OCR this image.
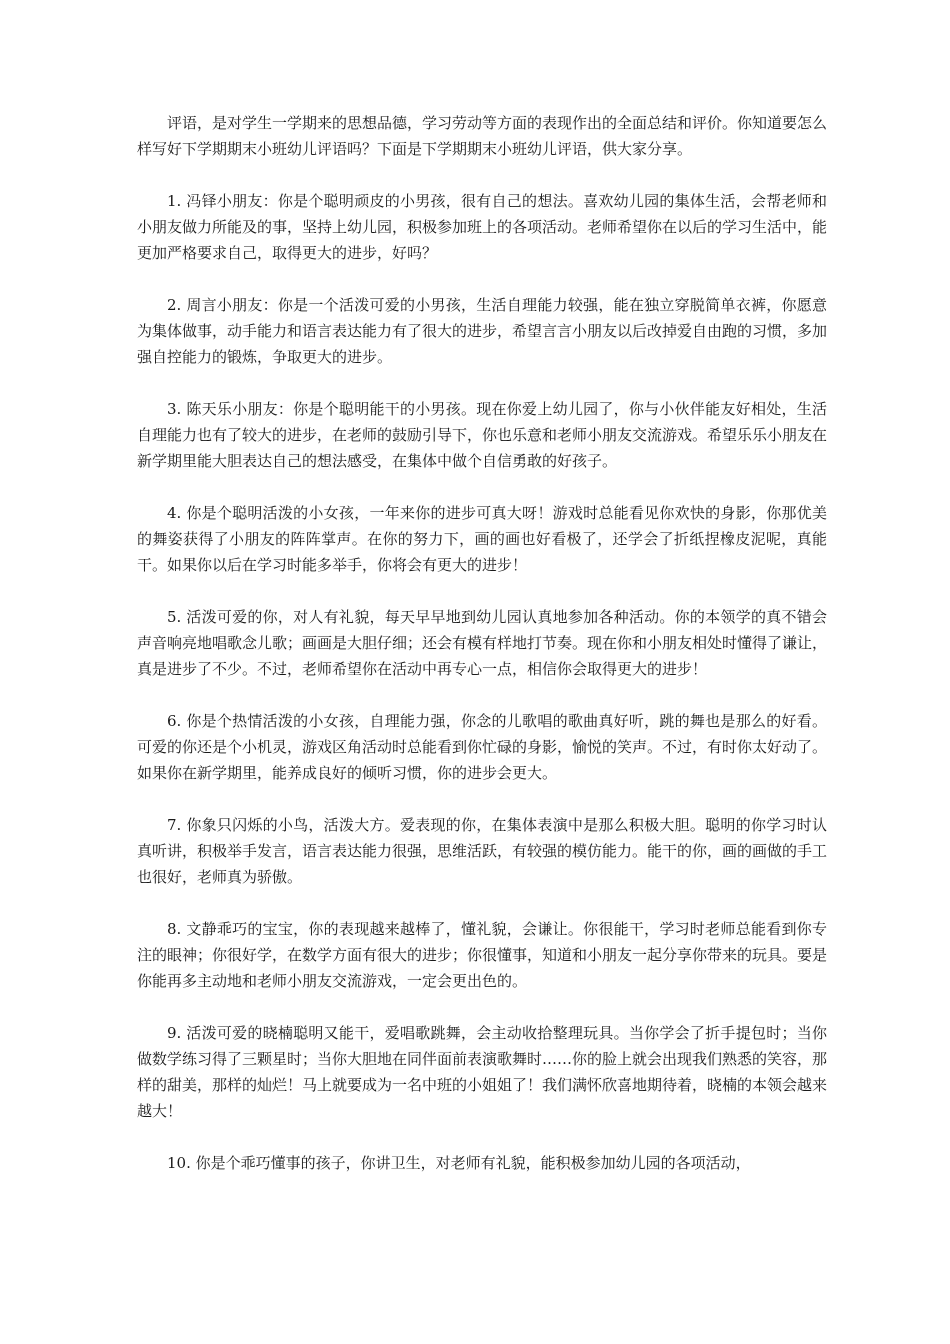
评语，是对学生一学期来的思想品德，学习劳动等方面的表现作出的全面总结和评价。你知道要怎么样写好下学期期末小班幼儿评语吗？下面是下学期期末小班幼儿评语，供大家分享。

1. 冯铎小朋友：你是个聪明顽皮的小男孩，很有自己的想法。喜欢幼儿园的集体生活，会帮老师和小朋友做力所能及的事，坚持上幼儿园，积极参加班上的各项活动。老师希望你在以后的学习生活中，能更加严格要求自己，取得更大的进步，好吗？

2. 周言小朋友：你是一个活泼可爱的小男孩，生活自理能力较强，能在独立穿脱简单衣裤，你愿意为集体做事，动手能力和语言表达能力有了很大的进步，希望言言小朋友以后改掉爱自由跑的习惯，多加强自控能力的锻炼，争取更大的进步。

3. 陈天乐小朋友：你是个聪明能干的小男孩。现在你爱上幼儿园了，你与小伙伴能友好相处，生活自理能力也有了较大的进步，在老师的鼓励引导下，你也乐意和老师小朋友交流游戏。希望乐乐小朋友在新学期里能大胆表达自己的想法感受，在集体中做个自信勇敢的好孩子。

4. 你是个聪明活泼的小女孩，一年来你的进步可真大呀！游戏时总能看见你欢快的身影，你那优美的舞姿获得了小朋友的阵阵掌声。在你的努力下，画的画也好看极了，还学会了折纸捏橡皮泥呢，真能干。如果你以后在学习时能多举手，你将会有更大的进步！

5. 活泼可爱的你，对人有礼貌，每天早早地到幼儿园认真地参加各种活动。你的本领学的真不错会声音响亮地唱歌念儿歌；画画是大胆仔细；还会有模有样地打节奏。现在你和小朋友相处时懂得了谦让，真是进步了不少。不过，老师希望你在活动中再专心一点，相信你会取得更大的进步！

6. 你是个热情活泼的小女孩，自理能力强，你念的儿歌唱的歌曲真好听，跳的舞也是那么的好看。可爱的你还是个小机灵，游戏区角活动时总能看到你忙碌的身影，愉悦的笑声。不过，有时你太好动了。如果你在新学期里，能养成良好的倾听习惯，你的进步会更大。

7. 你象只闪烁的小鸟，活泼大方。爱表现的你，在集体表演中是那么积极大胆。聪明的你学习时认真听讲，积极举手发言，语言表达能力很强，思维活跃，有较强的模仿能力。能干的你，画的画做的手工也很好，老师真为骄傲。

8. 文静乖巧的宝宝，你的表现越来越棒了，懂礼貌，会谦让。你很能干，学习时老师总能看到你专注的眼神；你很好学，在数学方面有很大的进步；你很懂事，知道和小朋友一起分享你带来的玩具。要是你能再多主动地和老师小朋友交流游戏，一定会更出色的。

9. 活泼可爱的晓楠聪明又能干，爱唱歌跳舞，会主动收拾整理玩具。当你学会了折手提包时；当你做数学练习得了三颗星时；当你大胆地在同伴面前表演歌舞时……你的脸上就会出现我们熟悉的笑容，那样的甜美，那样的灿烂！马上就要成为一名中班的小姐姐了！我们满怀欣喜地期待着，晓楠的本领会越来越大！

10. 你是个乖巧懂事的孩子，你讲卫生，对老师有礼貌，能积极参加幼儿园的各项活动，
